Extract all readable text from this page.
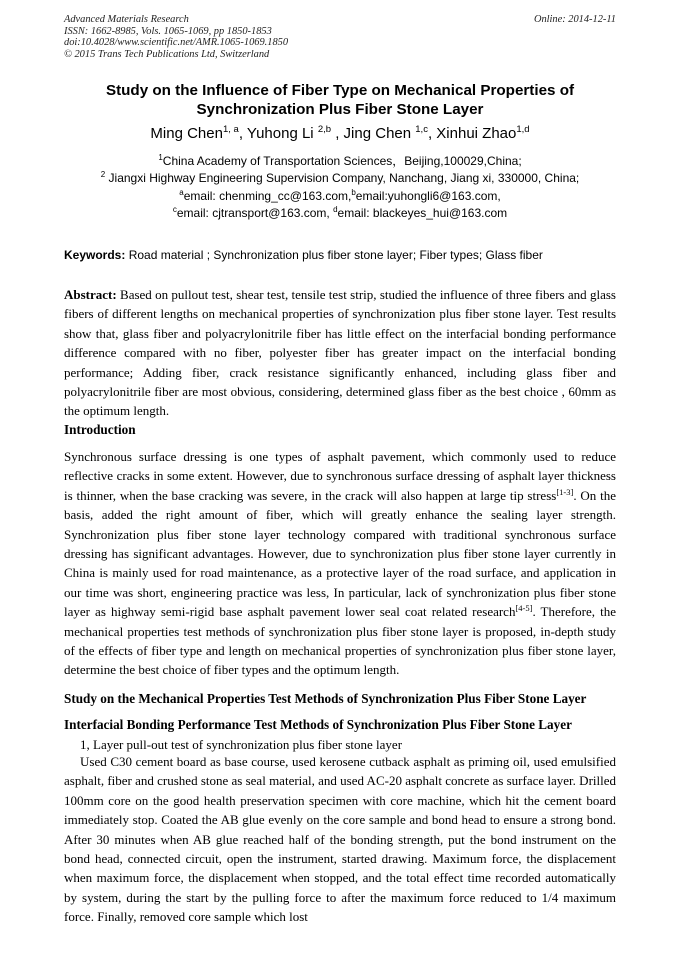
Advanced Materials Research
ISSN: 1662-8985, Vols. 1065-1069, pp 1850-1853
doi:10.4028/www.scientific.net/AMR.1065-1069.1850
© 2015 Trans Tech Publications Ltd, Switzerland
Online: 2014-12-11
Study on the Influence of Fiber Type on Mechanical Properties of
Synchronization Plus Fiber Stone Layer
Ming Chen$^{1, a}$, Yuhong Li $^{2,b}$ , Jing Chen $^{1,c}$, Xinhui Zhao$^{1,d}$
$^1$China Academy of Transportation Sciences，Beijing,100029,China;
$^2$ Jiangxi Highway Engineering Supervision Company, Nanchang, Jiang xi, 330000, China;
$^a$email: chenming_cc@163.com,$^b$email:yuhongli6@163.com,
$^c$email: cjtransport@163.com, $^d$email: blackeyes_hui@163.com
Keywords: Road material ; Synchronization plus fiber stone layer; Fiber types; Glass fiber
Abstract: Based on pullout test, shear test, tensile test strip, studied the influence of three fibers and glass fibers of different lengths on mechanical properties of synchronization plus fiber stone layer. Test results show that, glass fiber and polyacrylonitrile fiber has little effect on the interfacial bonding performance difference compared with no fiber, polyester fiber has greater impact on the interfacial bonding performance; Adding fiber, crack resistance significantly enhanced, including glass fiber and polyacrylonitrile fiber are most obvious, considering, determined glass fiber as the best choice , 60mm as the optimum length.
Introduction
Synchronous surface dressing is one types of asphalt pavement, which commonly used to reduce reflective cracks in some extent. However, due to synchronous surface dressing of asphalt layer thickness is thinner, when the base cracking was severe, in the crack will also happen at large tip stress[1-3]. On the basis, added the right amount of fiber, which will greatly enhance the sealing layer strength. Synchronization plus fiber stone layer technology compared with traditional synchronous surface dressing has significant advantages. However, due to synchronization plus fiber stone layer currently in China is mainly used for road maintenance, as a protective layer of the road surface, and application in our time was short, engineering practice was less, In particular, lack of synchronization plus fiber stone layer as highway semi-rigid base asphalt pavement lower seal coat related research[4-5]. Therefore, the mechanical properties test methods of synchronization plus fiber stone layer is proposed, in-depth study of the effects of fiber type and length on mechanical properties of synchronization plus fiber stone layer, determine the best choice of fiber types and the optimum length.
Study on the Mechanical Properties Test Methods of Synchronization Plus Fiber Stone Layer
Interfacial Bonding Performance Test Methods of Synchronization Plus Fiber Stone Layer
1, Layer pull-out test of synchronization plus fiber stone layer
Used C30 cement board as base course, used kerosene cutback asphalt as priming oil, used emulsified asphalt, fiber and crushed stone as seal material, and used AC-20 asphalt concrete as surface layer. Drilled 100mm core on the good health preservation specimen with core machine, which hit the cement board immediately stop. Coated the AB glue evenly on the core sample and bond head to ensure a strong bond. After 30 minutes when AB glue reached half of the bonding strength, put the bond instrument on the bond head, connected circuit, open the instrument, started drawing. Maximum force, the displacement when maximum force, the displacement when stopped, and the total effect time recorded automatically by system, during the start by the pulling force to after the maximum force reduced to 1/4 maximum force. Finally, removed core sample which lost
